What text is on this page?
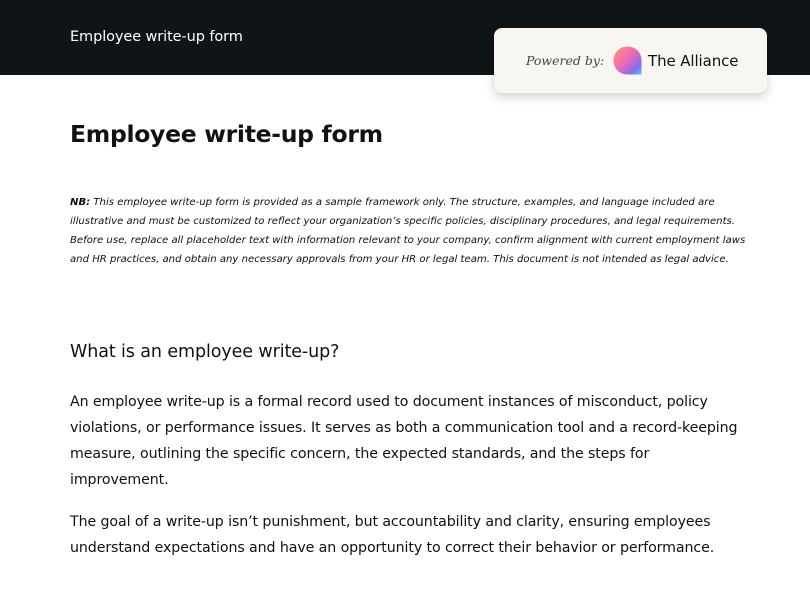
Employee write-up form
Powered by:	The Alliance
Employee write-up form

NB: This employee write-up form is provided as a sample framework only. The structure, examples, and language included are illustrative and must be customized to reflect your organization’s specific policies, disciplinary procedures, and legal requirements. Before use, replace all placeholder text with information relevant to your company, confirm alignment with current employment laws and HR practices, and obtain any necessary approvals from your HR or legal team. This document is not intended as legal advice.

What is an employee write-up?

An employee write-up is a formal record used to document instances of misconduct, policy violations, or performance issues. It serves as both a communication tool and a record-keeping measure, outlining the specific concern, the expected standards, and the steps for improvement.

The goal of a write-up isn’t punishment, but accountability and clarity, ensuring employees understand expectations and have an opportunity to correct their behavior or performance.
